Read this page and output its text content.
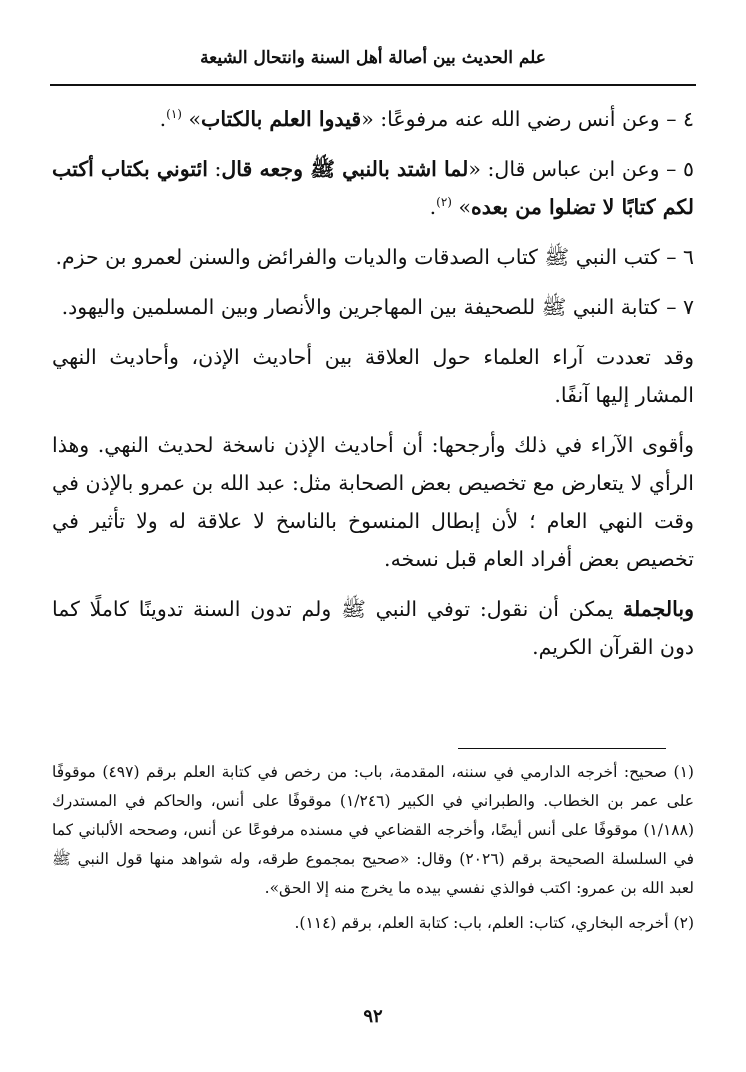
علم الحديث بين أصالة أهل السنة وانتحال الشيعة

٤ – وعن أنس رضي الله عنه مرفوعًا: «قيدوا العلم بالكتاب» $^{(١)}$.

٥ – وعن ابن عباس قال: «لما اشتد بالنبي ﷺ وجعه قال: ائتوني بكتاب أكتب لكم كتابًا لا تضلوا من بعده» $^{(٢)}$.

٦ – كتب النبي ﷺ كتاب الصدقات والديات والفرائض والسنن لعمرو بن حزم.

٧ – كتابة النبي ﷺ للصحيفة بين المهاجرين والأنصار وبين المسلمين واليهود.

وقد تعددت آراء العلماء حول العلاقة بين أحاديث الإذن، وأحاديث النهي المشار إليها آنفًا.

وأقوى الآراء في ذلك وأرجحها: أن أحاديث الإذن ناسخة لحديث النهي. وهذا الرأي لا يتعارض مع تخصيص بعض الصحابة مثل: عبد الله بن عمرو بالإذن في وقت النهي العام ؛ لأن إبطال المنسوخ بالناسخ لا علاقة له ولا تأثير في تخصيص بعض أفراد العام قبل نسخه.

وبالجملة يمكن أن نقول: توفي النبي ﷺ ولم تدون السنة تدوينًا كاملًا كما دون القرآن الكريم.

(١) صحيح: أخرجه الدارمي في سننه، المقدمة، باب: من رخص في كتابة العلم برقم (٤٩٧) موقوفًا على عمر بن الخطاب. والطبراني في الكبير (١/٢٤٦) موقوفًا على أنس، والحاكم في المستدرك (١/١٨٨) موقوفًا على أنس أيضًا، وأخرجه القضاعي في مسنده مرفوعًا عن أنس، وصححه الألباني كما في السلسلة الصحيحة برقم (٢٠٢٦) وقال: «صحيح بمجموع طرقه، وله شواهد منها قول النبي ﷺ لعبد الله بن عمرو: اكتب فوالذي نفسي بيده ما يخرج منه إلا الحق».

(٢) أخرجه البخاري، كتاب: العلم، باب: كتابة العلم، برقم (١١٤).

٩٢
